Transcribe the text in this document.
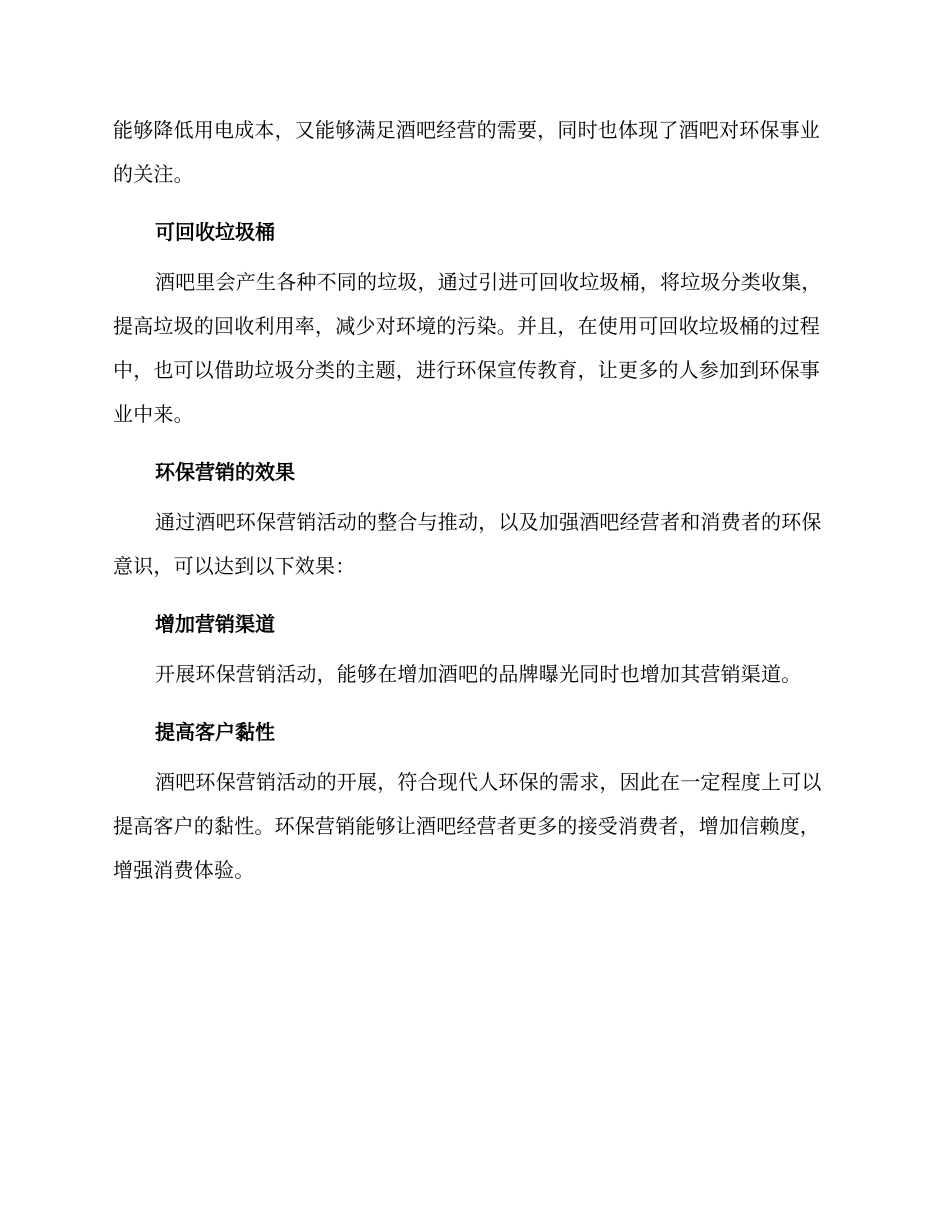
能够降低用电成本，又能够满足酒吧经营的需要，同时也体现了酒吧对环保事业的关注。

可回收垃圾桶

酒吧里会产生各种不同的垃圾，通过引进可回收垃圾桶，将垃圾分类收集，提高垃圾的回收利用率，减少对环境的污染。并且，在使用可回收垃圾桶的过程中，也可以借助垃圾分类的主题，进行环保宣传教育，让更多的人参加到环保事业中来。

环保营销的效果

通过酒吧环保营销活动的整合与推动，以及加强酒吧经营者和消费者的环保意识，可以达到以下效果：

增加营销渠道

开展环保营销活动，能够在增加酒吧的品牌曝光同时也增加其营销渠道。

提高客户黏性

酒吧环保营销活动的开展，符合现代人环保的需求，因此在一定程度上可以提高客户的黏性。环保营销能够让酒吧经营者更多的接受消费者，增加信赖度，增强消费体验。
